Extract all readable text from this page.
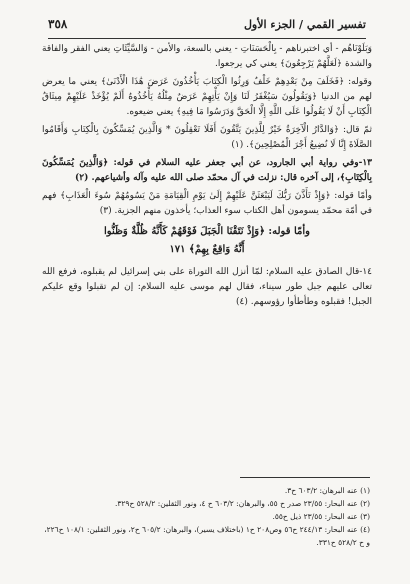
تفسير القمي / الجزء الأول
٣٥٨

وَبَلَوْنَاهُم - أي اختبرناهم - بِالْحَسَنَاتِ - يعني بالسعة، والأمن - وَالسَّيِّئَاتِ يعني الفقر والفاقة والشدة ﴿لَعَلَّهُمْ يَرْجِعُونَ﴾ يعني كي يرجعوا.

وقوله: ﴿فَخَلَفَ مِنْ بَعْدِهِمْ خَلْفٌ وَرِثُوا الْكِتَابَ يَأْخُذُونَ عَرَضَ هَٰذَا الْأَدْنَىٰ﴾ يعني ما يعرض لهم من الدنيا ﴿وَيَقُولُونَ سَيُغْفَرُ لَنَا وَإِنْ يَأْتِهِمْ عَرَضٌ مِثْلُهُ يَأْخُذُوهُ أَلَمْ يُؤْخَذْ عَلَيْهِمْ مِيثَاقُ الْكِتَابِ أَنْ لَا يَقُولُوا عَلَى اللَّهِ إِلَّا الْحَقَّ وَدَرَسُوا مَا فِيهِ﴾ يعني ضيعوه.

ثمّ قال: ﴿وَالدَّارُ الْآخِرَةُ خَيْرٌ لِلَّذِينَ يَتَّقُونَ أَفَلَا تَعْقِلُونَ * وَالَّذِينَ يُمَسِّكُونَ بِالْكِتَابِ وَأَقَامُوا الصَّلَاةَ إِنَّا لَا نُضِيعُ أَجْرَ الْمُصْلِحِينَ﴾. (١)

١٣-وفي رواية أبي الجارود، عن أبي جعفر عليه السلام في قوله: ﴿وَالَّذِينَ يُمَسِّكُونَ بِالْكِتَابِ﴾، إلى آخره قال: نزلت في آل محمّد صلى الله عليه وآله وأشياعهم. (٢)

وأمّا قوله: ﴿وَإِذْ تَأَذَّنَ رَبُّكَ لَيَبْعَثَنَّ عَلَيْهِمْ إِلَىٰ يَوْمِ الْقِيَامَةِ مَنْ يَسُومُهُمْ سُوءَ الْعَذَابِ﴾ فهم في أمّة محمّد يسومون أهل الكتاب سوء العذاب؛ يأخذون منهم الجزية. (٣)

وأمّا قوله: ﴿وَإِذْ نَتَقْنَا الْجَبَلَ فَوْقَهُمْ كَأَنَّهُ ظُلَّةٌ وَظَنُّوا
أَنَّهُ وَاقِعٌ بِهِمْ﴾ ١٧١

١٤-قال الصادق عليه السلام: لمّا أنزل الله التوراة على بني إسرائيل لم يقبلوه، فرفع الله تعالى عليهم جبل طور سيناء، فقال لهم موسى عليه السلام: إن لم تقبلوا وقع عليكم الجبل! فقبلوه وطأطأوا رؤوسهم. (٤)

(١) عنه البرهان: ٦٠٣/٢ ح٣.
(٢) عنه البحار: ٢٣/٥٥ صدر ح ٥٥، والبرهان: ٦٠٣/٢ ح ٤، ونور الثقلين: ٥٢٨/٢ ح٣٢٩.
(٣) عنه البحار: ٢٣/٥٥ ذيل ح٥٥.
(٤) عنه البحار: ٢٤٤/١٣ ح٥٦ وص٢٠٨ ح١ (باختلاف يسير)، والبرهان: ٦٠٥/٢ ح٢، ونور الثقلين: ١٠٨/١ ح٢٢٦، و ح ٥٢٨/٢ ح٣٣١.
